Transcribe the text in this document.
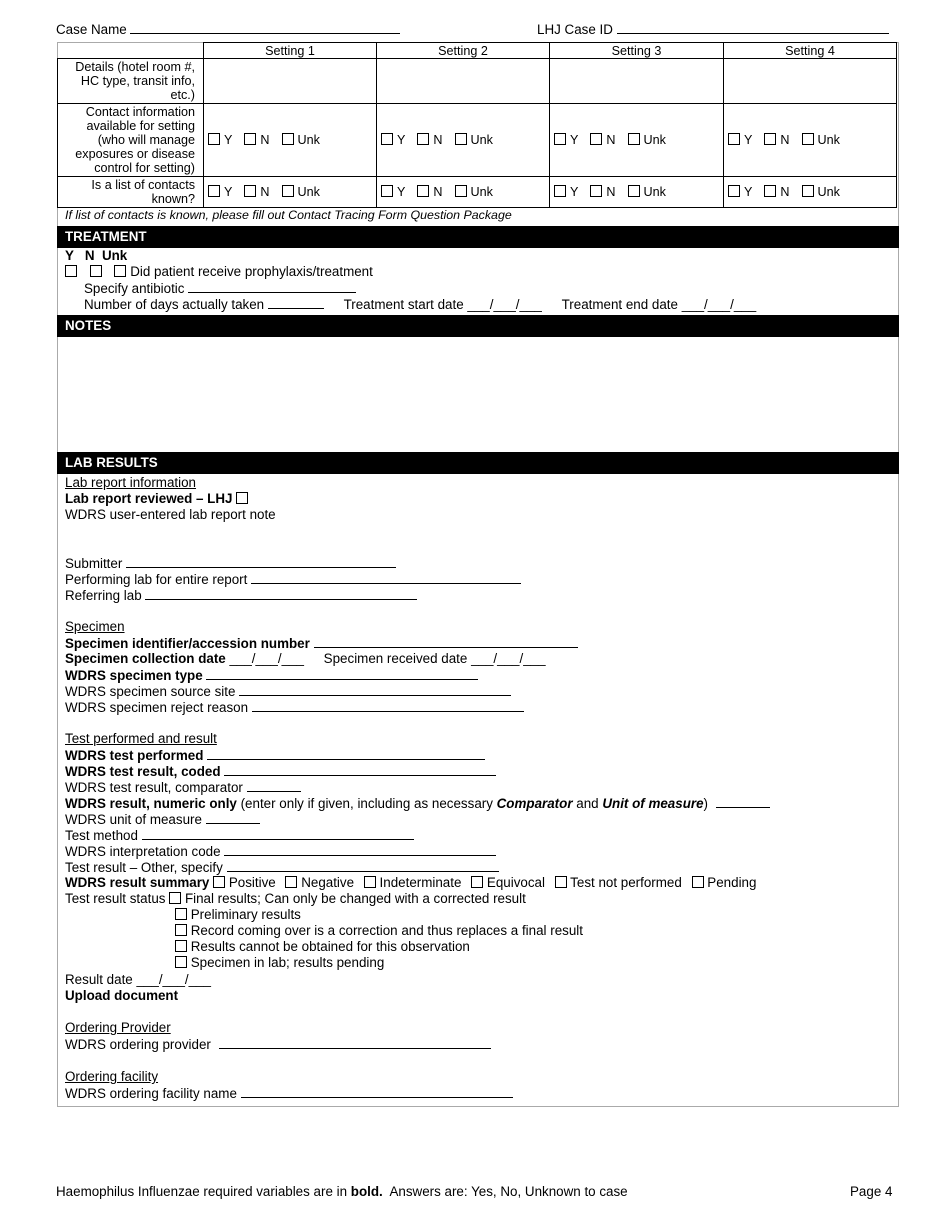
Case Name	LHJ Case ID
	Setting 1	Setting 2	Setting 3	Setting 4
Details (hotel room #, HC type, transit info, etc.)				
Contact information available for setting (who will manage exposures or disease control for setting)	Y N Unk	Y N Unk	Y N Unk	Y N Unk
Is a list of contacts known?	Y N Unk	Y N Unk	Y N Unk	Y N Unk
If list of contacts is known, please fill out Contact Tracing Form Question Package
TREATMENT
Y   N  Unk
Did patient receive prophylaxis/treatment
Specify antibiotic
Number of days actually taken	Treatment start date ___/___/___ Treatment end date ___/___/___
NOTES
LAB RESULTS
Lab report information
Lab report reviewed – LHJ
WDRS user-entered lab report note
Submitter
Performing lab for entire report
Referring lab
Specimen
Specimen identifier/accession number
Specimen collection date ___/___/___ Specimen received date ___/___/___
WDRS specimen type
WDRS specimen source site
WDRS specimen reject reason
Test performed and result
WDRS test performed
WDRS test result, coded
WDRS test result, comparator
WDRS result, numeric only (enter only if given, including as necessary Comparator and Unit of measure)
WDRS unit of measure
Test method
WDRS interpretation code
Test result – Other, specify
WDRS result summary Positive Negative Indeterminate Equivocal Test not performed Pending
Test result status Final results; Can only be changed with a corrected result
Preliminary results
Record coming over is a correction and thus replaces a final result
Results cannot be obtained for this observation
Specimen in lab; results pending
Result date ___/___/___
Upload document
Ordering Provider
WDRS ordering provider
Ordering facility
WDRS ordering facility name
Haemophilus Influenzae required variables are in bold.  Answers are: Yes, No, Unknown to case	Page 4
